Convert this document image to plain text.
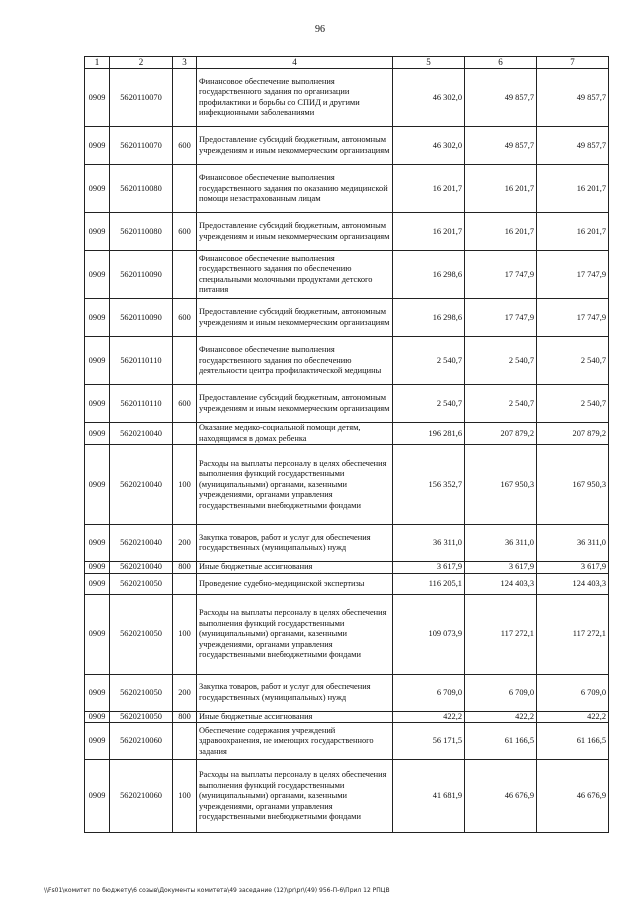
96
1	2	3	4	5	6	7
0909	5620110070		Финансовое обеспечение выполнения государственного задания по организации профилактики и борьбы со СПИД и другими инфекционными заболеваниями	46 302,0	49 857,7	49 857,7
0909	5620110070	600	Предоставление субсидий бюджетным, автономным учреждениям и иным некоммерческим организациям	46 302,0	49 857,7	49 857,7
0909	5620110080		Финансовое обеспечение выполнения государственного задания по оказанию медицинской помощи незастрахованным лицам	16 201,7	16 201,7	16 201,7
0909	5620110080	600	Предоставление субсидий бюджетным, автономным учреждениям и иным некоммерческим организациям	16 201,7	16 201,7	16 201,7
0909	5620110090		Финансовое обеспечение выполнения государственного задания по обеспечению специальными молочными продуктами детского питания	16 298,6	17 747,9	17 747,9
0909	5620110090	600	Предоставление субсидий бюджетным, автономным учреждениям и иным некоммерческим организациям	16 298,6	17 747,9	17 747,9
0909	5620110110		Финансовое обеспечение выполнения государственного задания по обеспечению деятельности центра профилактической медицины	2 540,7	2 540,7	2 540,7
0909	5620110110	600	Предоставление субсидий бюджетным, автономным учреждениям и иным некоммерческим организациям	2 540,7	2 540,7	2 540,7
0909	5620210040		Оказание медико-социальной помощи детям, находящимся в домах ребенка	196 281,6	207 879,2	207 879,2
0909	5620210040	100	Расходы на выплаты персоналу в целях обеспечения выполнения функций государственными (муниципальными) органами, казенными учреждениями, органами управления государственными внебюджетными фондами	156 352,7	167 950,3	167 950,3
0909	5620210040	200	Закупка товаров, работ и услуг для обеспечения государственных (муниципальных) нужд	36 311,0	36 311,0	36 311,0
0909	5620210040	800	Иные бюджетные ассигнования	3 617,9	3 617,9	3 617,9
0909	5620210050		Проведение судебно-медицинской экспертизы	116 205,1	124 403,3	124 403,3
0909	5620210050	100	Расходы на выплаты персоналу в целях обеспечения выполнения функций государственными (муниципальными) органами, казенными учреждениями, органами управления государственными внебюджетными фондами	109 073,9	117 272,1	117 272,1
0909	5620210050	200	Закупка товаров, работ и услуг для обеспечения государственных (муниципальных) нужд	6 709,0	6 709,0	6 709,0
0909	5620210050	800	Иные бюджетные ассигнования	422,2	422,2	422,2
0909	5620210060		Обеспечение содержания учреждений здравоохранения, не имеющих государственного задания	56 171,5	61 166,5	61 166,5
0909	5620210060	100	Расходы на выплаты персоналу в целях обеспечения выполнения функций государственными (муниципальными) органами, казенными учреждениями, органами управления государственными внебюджетными фондами	41 681,9	46 676,9	46 676,9
\\Fs01\комитет по бюджету\6 созыв\Документы комитета\49 заседание (12)\pr\pr\(49) 956-П-6\Прил 12 РПЦВ
